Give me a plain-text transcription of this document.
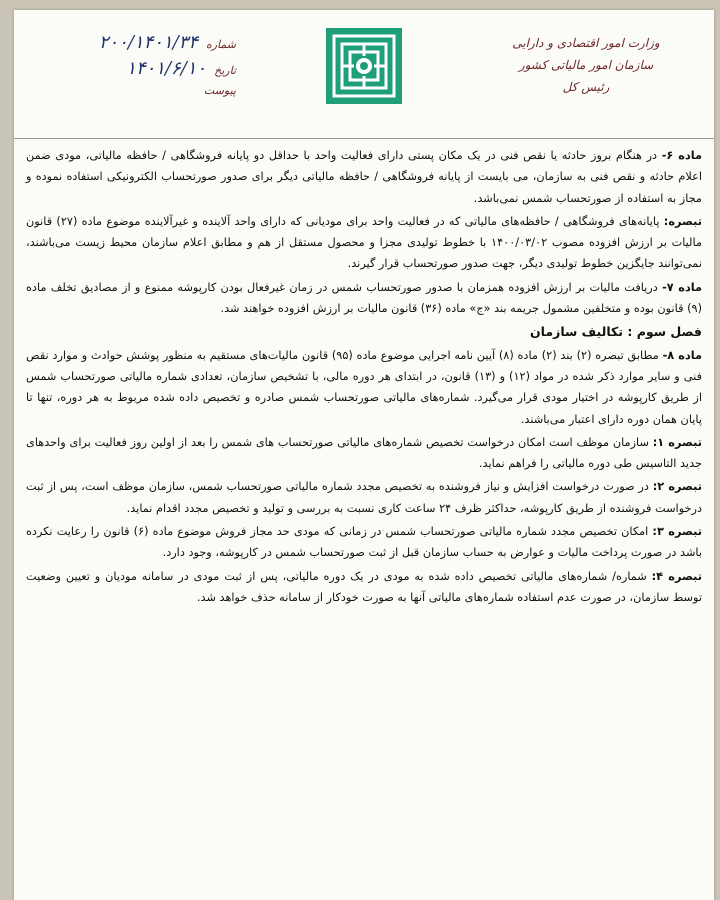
وزارت امور اقتصادی و دارایی
سازمان امور مالیاتی کشور
رئیس کل
شماره
۲۰۰/۱۴۰۱/۳۴
تاریخ
۱۴۰۱/۶/۱۰
پیوست

ماده ۶- در هنگام بروز حادثه یا نقص فنی در یک مکان پستی دارای فعالیت واحد با حداقل دو پایانه فروشگاهی / حافظه مالیاتی، مودی ضمن اعلام حادثه و نقص فنی به سازمان، می بایست از پایانه فروشگاهی / حافظه مالیاتی دیگر برای صدور صورتحساب الکترونیکی استفاده نموده و مجاز به استفاده از صورتحساب شمس نمی‌باشد.

تبصره: پایانه‌های فروشگاهی / حافظه‌های مالیاتی که در فعالیت واحد برای مودیانی که دارای واحد آلاینده و غیرآلاینده موضوع ماده (۲۷) قانون مالیات بر ارزش افزوده مصوب ۱۴۰۰/۰۳/۰۲ با خطوط تولیدی مجزا و محصول مستقل از هم و مطابق اعلام سازمان محیط زیست می‌باشند، نمی‌توانند جایگزین خطوط تولیدی دیگر، جهت صدور صورتحساب قرار گیرند.

ماده ۷- دریافت مالیات بر ارزش افزوده همزمان با صدور صورتحساب شمس در زمان غیرفعال بودن کارپوشه ممنوع و از مصادیق تخلف ماده (۹) قانون بوده و متخلفین مشمول جریمه بند «ج» ماده (۳۶) قانون مالیات بر ارزش افزوده خواهند شد.

فصل سوم : تکالیف سازمان

ماده ۸- مطابق تبصره (۲) بند (۲) ماده (۸) آیین نامه اجرایی موضوع ماده (۹۵) قانون مالیات‌های مستقیم به منظور پوشش حوادث و موارد نقص فنی و سایر موارد ذکر شده در مواد (۱۲) و (۱۳) قانون، در ابتدای هر دوره مالی، با تشخیص سازمان، تعدادی شماره مالیاتی صورتحساب شمس از طریق کارپوشه در اختیار مودی قرار می‌گیرد. شماره‌های مالیاتی صورتحساب شمس صادره و تخصیص داده شده مربوط به هر دوره، تنها تا پایان همان دوره دارای اعتبار می‌باشند.

تبصره ۱: سازمان موظف است امکان درخواست تخصیص شماره‌های مالیاتی صورتحساب های شمس را بعد از اولین روز فعالیت برای واحدهای جدید التاسیس طی دوره مالیاتی را فراهم نماید.

تبصره ۲: در صورت درخواست افزایش و نیاز فروشنده به تخصیص مجدد شماره مالیاتی صورتحساب شمس، سازمان موظف است، پس از ثبت درخواست فروشنده از طریق کارپوشه، حداکثر ظرف ۲۴ ساعت کاری نسبت به بررسی و تولید و تخصیص مجدد اقدام نماید.

تبصره ۳: امکان تخصیص مجدد شماره مالیاتی صورتحساب شمس در زمانی که مودی حد مجاز فروش موضوع ماده (۶) قانون را رعایت نکرده باشد در صورت پرداخت مالیات و عوارض به حساب سازمان قبل از ثبت صورتحساب شمس در کارپوشه، وجود دارد.

تبصره ۴: شماره/ شماره‌های مالیاتی تخصیص داده شده به مودی در یک دوره مالیاتی، پس از ثبت مودی در سامانه مودیان و تعیین وضعیت توسط سازمان، در صورت عدم استفاده شماره‌های مالیاتی آنها به صورت خودکار از سامانه حذف خواهد شد.
